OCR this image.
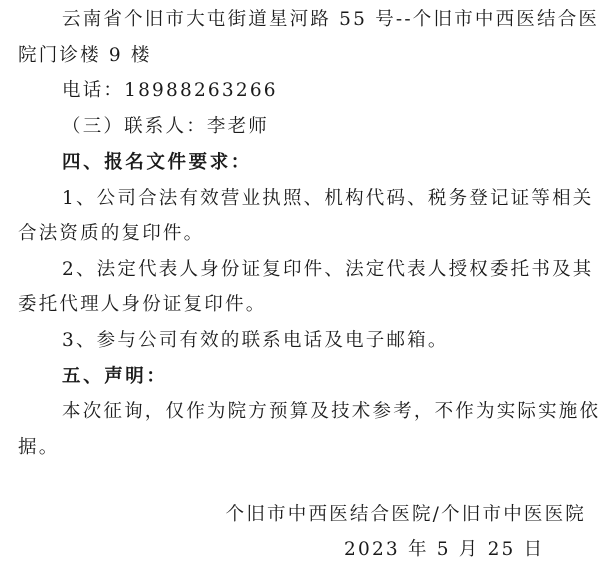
云南省个旧市大屯街道星河路 55 号--个旧市中西医结合医
院门诊楼 9 楼
电话：18988263266
（三）联系人：李老师
四、报名文件要求：
1、公司合法有效营业执照、机构代码、税务登记证等相关
合法资质的复印件。
2、法定代表人身份证复印件、法定代表人授权委托书及其
委托代理人身份证复印件。
3、参与公司有效的联系电话及电子邮箱。
五、声明：
本次征询，仅作为院方预算及技术参考，不作为实际实施依
据。
个旧市中西医结合医院/个旧市中医医院
2023 年 5 月 25 日
